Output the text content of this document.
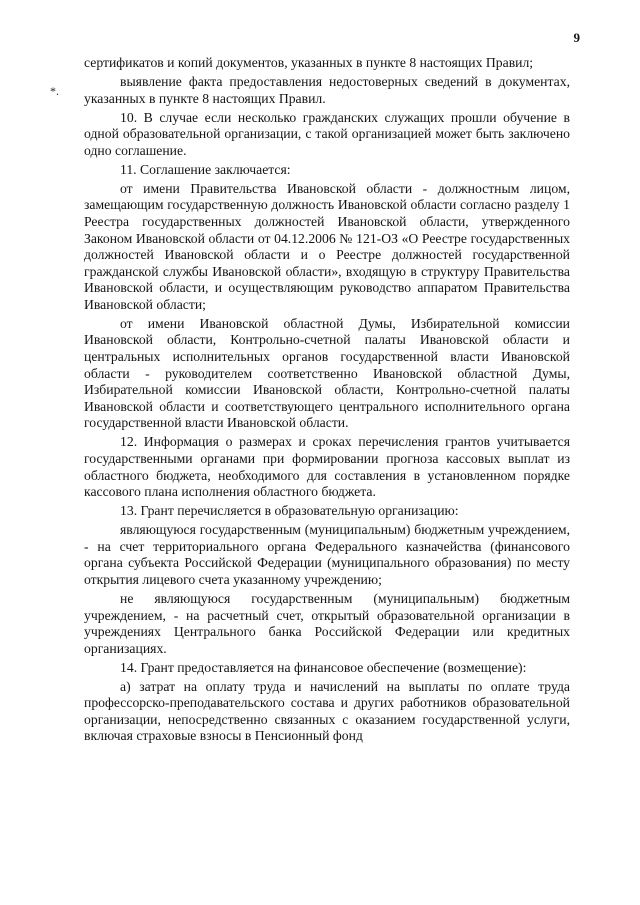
9
*.

сертификатов и копий документов, указанных в пункте 8 настоящих Правил;

выявление факта предоставления недостоверных сведений в документах, указанных в пункте 8 настоящих Правил.

10. В случае если несколько гражданских служащих прошли обучение в одной образовательной организации, с такой организацией может быть заключено одно соглашение.

11. Соглашение заключается:

от имени Правительства Ивановской области - должностным лицом, замещающим государственную должность Ивановской области согласно разделу 1 Реестра государственных должностей Ивановской области, утвержденного Законом Ивановской области от 04.12.2006 № 121-ОЗ «О Реестре государственных должностей Ивановской области и о Реестре должностей государственной гражданской службы Ивановской области», входящую в структуру Правительства Ивановской области, и осуществляющим руководство аппаратом Правительства Ивановской области;

от имени Ивановской областной Думы, Избирательной комиссии Ивановской области, Контрольно-счетной палаты Ивановской области и центральных исполнительных органов государственной власти Ивановской области - руководителем соответственно Ивановской областной Думы, Избирательной комиссии Ивановской области, Контрольно-счетной палаты Ивановской области и соответствующего центрального исполнительного органа государственной власти Ивановской области.

12. Информация о размерах и сроках перечисления грантов учитывается государственными органами при формировании прогноза кассовых выплат из областного бюджета, необходимого для составления в установленном порядке кассового плана исполнения областного бюджета.

13. Грант перечисляется в образовательную организацию:

являющуюся государственным (муниципальным) бюджетным учреждением, - на счет территориального органа Федерального казначейства (финансового органа субъекта Российской Федерации (муниципального образования) по месту открытия лицевого счета указанному учреждению;

не являющуюся государственным (муниципальным) бюджетным учреждением, - на расчетный счет, открытый образовательной организации в учреждениях Центрального банка Российской Федерации или кредитных организациях.

14. Грант предоставляется на финансовое обеспечение (возмещение):

а) затрат на оплату труда и начислений на выплаты по оплате труда профессорско-преподавательского состава и других работников образовательной организации, непосредственно связанных с оказанием государственной услуги, включая страховые взносы в Пенсионный фонд
